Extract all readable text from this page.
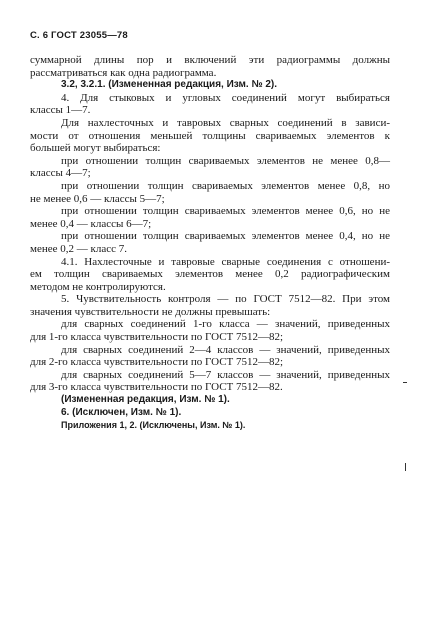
С. 6 ГОСТ 23055—78
суммарной длины пор и включений эти радиограммы должны
рассматриваться как одна радиограмма.
3.2, 3.2.1. (Измененная редакция, Изм. № 2).
4. Для стыковых и угловых соединений могут выбираться
классы 1—7.
Для нахлесточных и тавровых сварных соединений в зависи-
мости от отношения меньшей толщины свариваемых элементов к
большей могут выбираться:
при отношении толщин свариваемых элементов не менее 0,8—
классы 4—7;
при отношении толщин свариваемых элементов менее 0,8, но
не менее 0,6 — классы 5—7;
при отношении толщин свариваемых элементов менее 0,6, но не
менее 0,4 — классы 6—7;
при отношении толщин свариваемых элементов менее 0,4, но не
менее 0,2 — класс 7.
4.1. Нахлесточные и тавровые сварные соединения с отношени-
ем толщин свариваемых элементов менее 0,2 радиографическим
методом не контролируются.
5. Чувствительность контроля — по ГОСТ 7512—82. При этом
значения чувствительности не должны превышать:
для сварных соединений 1-го класса — значений, приведенных
для 1-го класса чувствительности по ГОСТ 7512—82;
для сварных соединений 2—4 классов — значений, приведенных
для 2-го класса чувствительности по ГОСТ 7512—82;
для сварных соединений 5—7 классов — значений, приведенных
для 3-го класса чувствительности по ГОСТ 7512—82.
(Измененная редакция, Изм. № 1).
6. (Исключен, Изм. № 1).
Приложения 1, 2. (Исключены, Изм. № 1).
